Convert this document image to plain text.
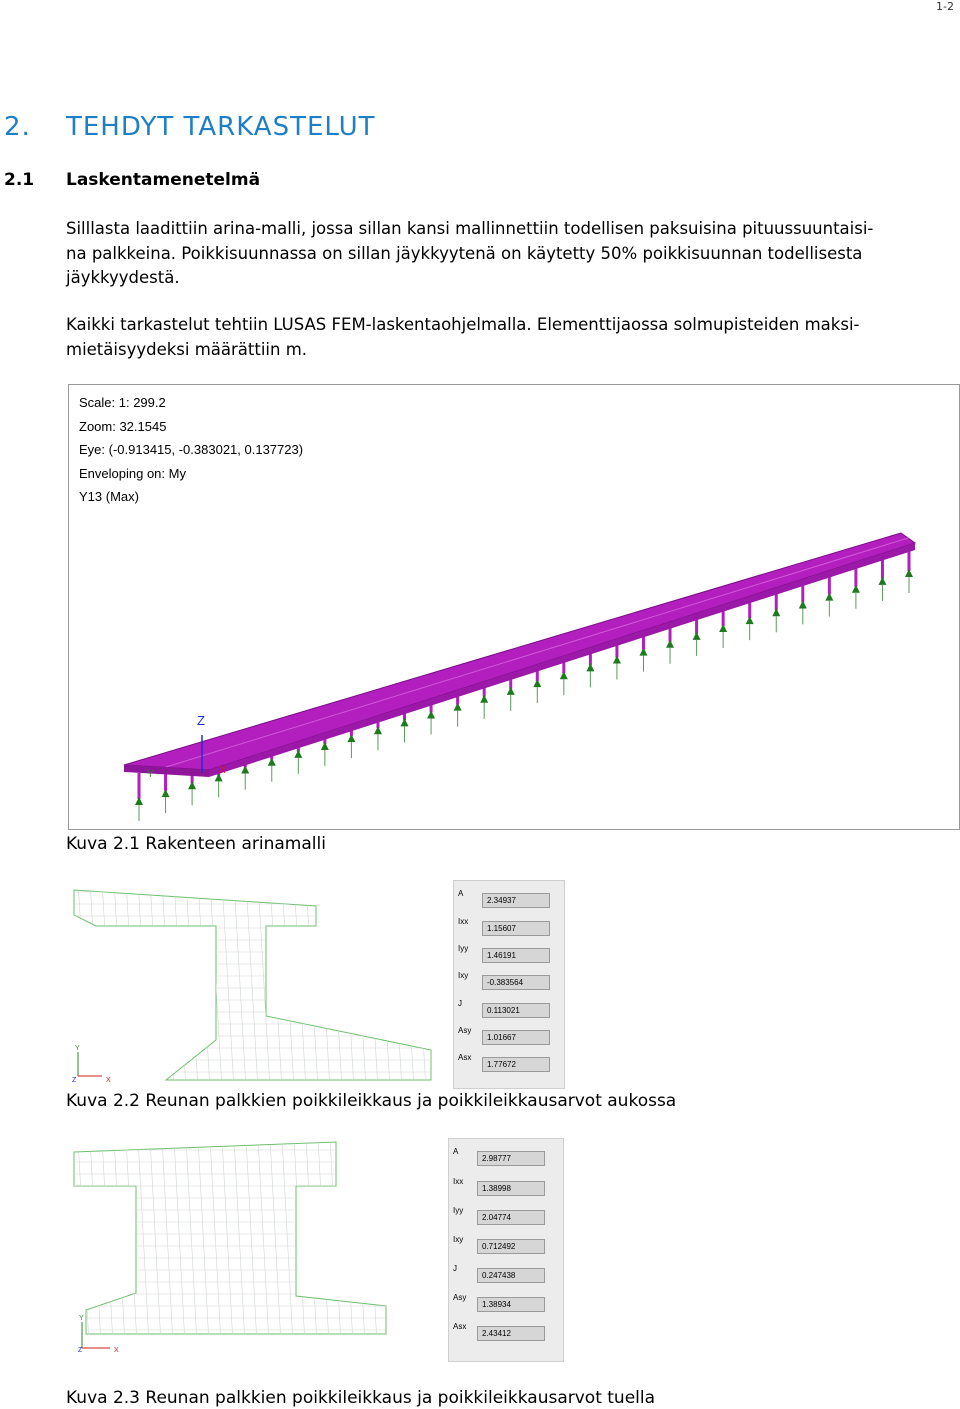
1-2
2. TEHDYT TARKASTELUT
2.1 Laskentamenetelmä
Silllasta laadittiin arina-malli, jossa sillan kansi mallinnettiin todellisen paksuisina pituussuuntaisi-
na palkkeina. Poikkisuunnassa on sillan jäykkyytenä on käytetty 50% poikkisuunnan todellisesta
jäykkyydestä.
Kaikki tarkastelut tehtiin LUSAS FEM-laskentaohjelmalla. Elementtijaossa solmupisteiden maksi-
mietäisyydeksi määrättiin m.
Scale: 1: 299.2
Zoom: 32.1545
Eye: (-0.913415, -0.383021, 0.137723)
Enveloping on: My
Y13 (Max)
Z
Y	X
Kuva 2.1 Rakenteen arinamalli
Y
Z	X
A
2.34937
Ixx
1.15607
Iyy
1.46191
Ixy
-0.383564
J
0.113021
Asy
1.01667
Asx
1.77672
Kuva 2.2 Reunan palkkien poikkileikkaus ja poikkileikkausarvot aukossa
Y
Z	X
A
2.98777
Ixx
1.38998
Iyy
2.04774
Ixy
0.712492
J
0.247438
Asy
1.38934
Asx
2.43412
Kuva 2.3 Reunan palkkien poikkileikkaus ja poikkileikkausarvot tuella
